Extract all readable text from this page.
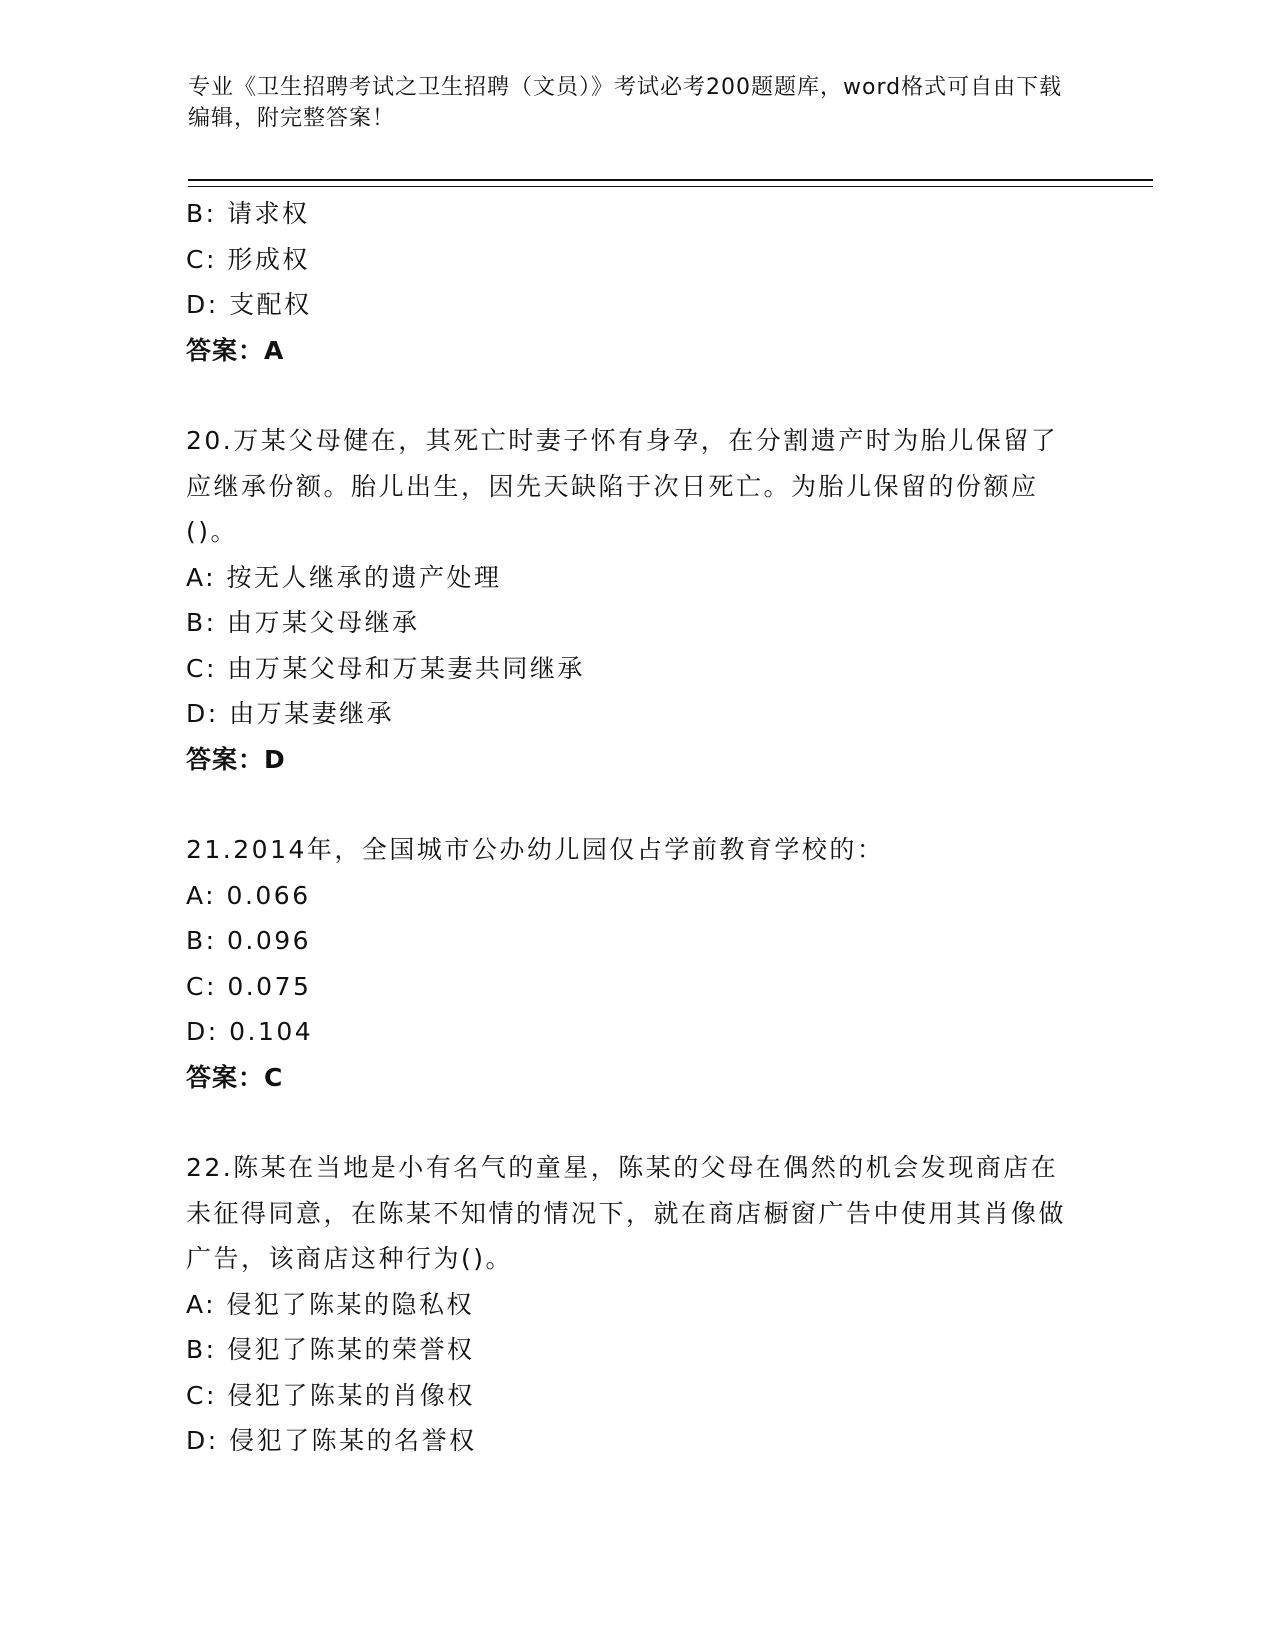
专业《卫生招聘考试之卫生招聘（文员）》考试必考200题题库，word格式可自由下载编辑，附完整答案！
B: 请求权
C: 形成权
D: 支配权
答案：A
20.万某父母健在，其死亡时妻子怀有身孕，在分割遗产时为胎儿保留了应继承份额。胎儿出生，因先天缺陷于次日死亡。为胎儿保留的份额应()。
A: 按无人继承的遗产处理
B: 由万某父母继承
C: 由万某父母和万某妻共同继承
D: 由万某妻继承
答案：D
21.2014年，全国城市公办幼儿园仅占学前教育学校的：
A: 0.066
B: 0.096
C: 0.075
D: 0.104
答案：C
22.陈某在当地是小有名气的童星，陈某的父母在偶然的机会发现商店在未征得同意，在陈某不知情的情况下，就在商店橱窗广告中使用其肖像做广告，该商店这种行为()。
A: 侵犯了陈某的隐私权
B: 侵犯了陈某的荣誉权
C: 侵犯了陈某的肖像权
D: 侵犯了陈某的名誉权
